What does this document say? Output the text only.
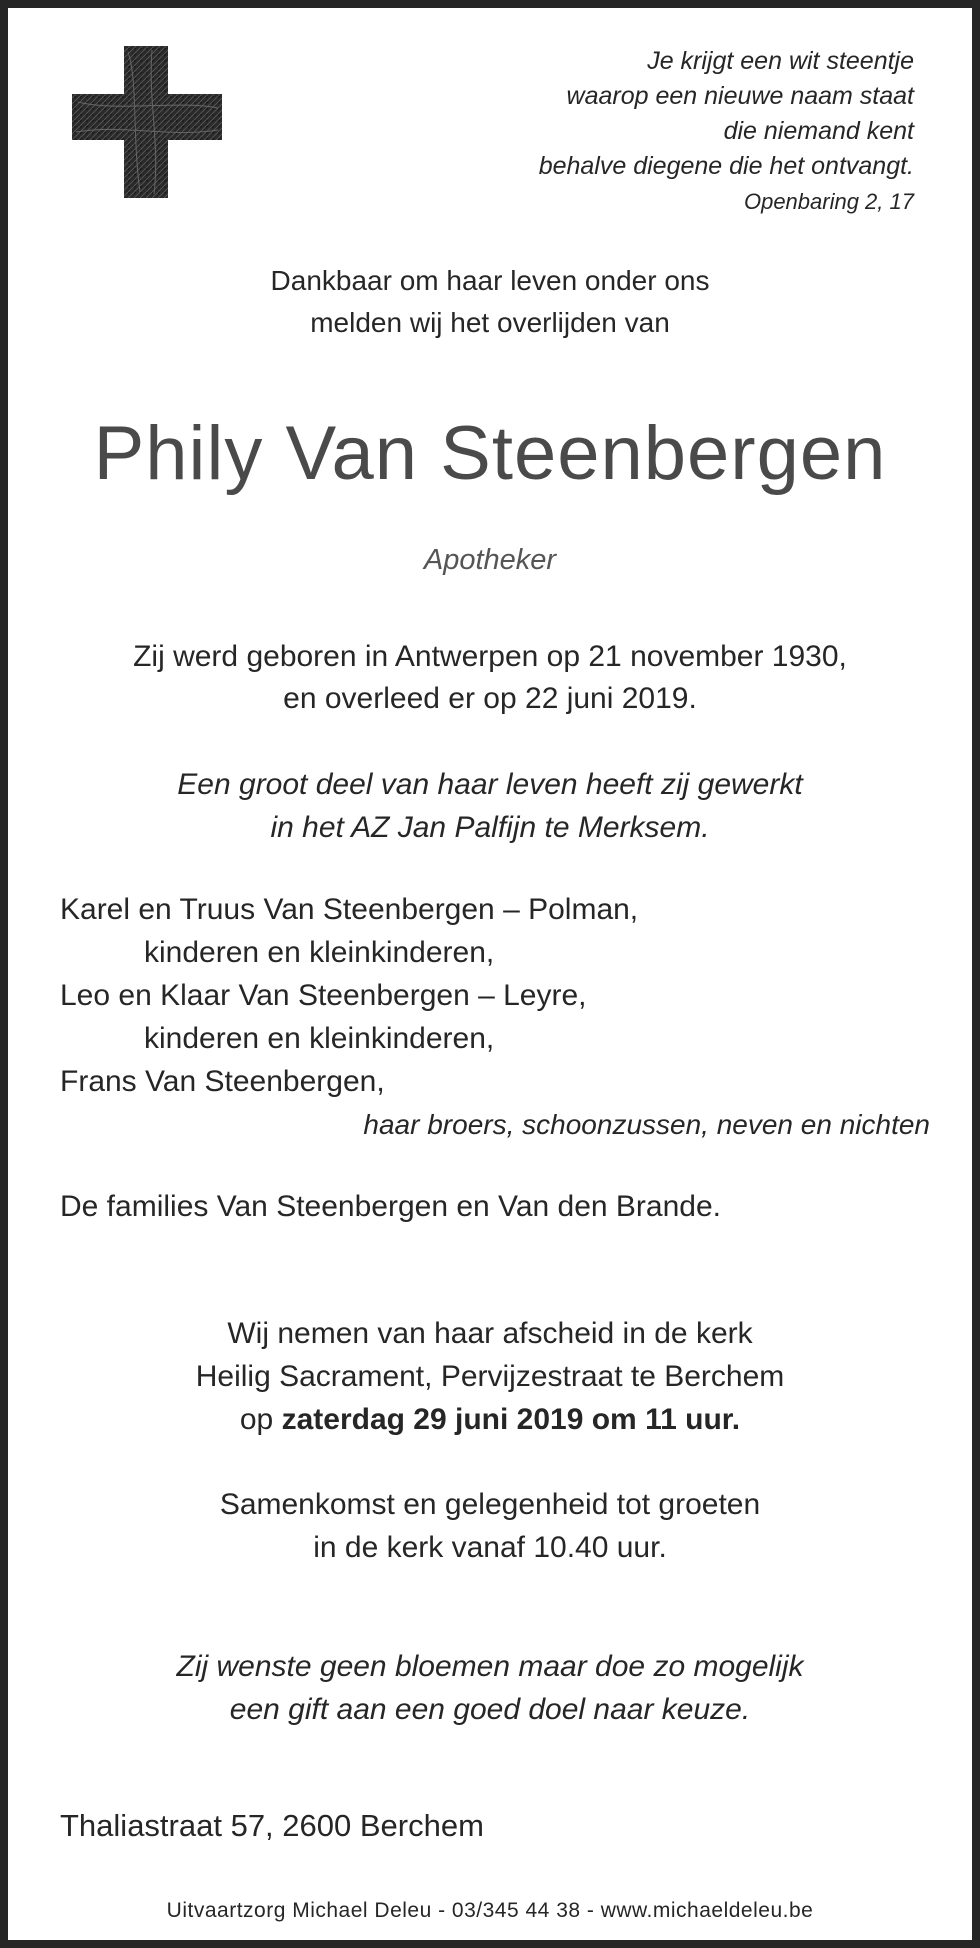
Je krijgt een wit steentje
waarop een nieuwe naam staat
die niemand kent
behalve diegene die het ontvangt.
Openbaring 2, 17
Dankbaar om haar leven onder ons
melden wij het overlijden van
Phily Van Steenbergen
Apotheker
Zij werd geboren in Antwerpen op 21 november 1930,
en overleed er op 22 juni 2019.
Een groot deel van haar leven heeft zij gewerkt
in het AZ Jan Palfijn te Merksem.
Karel en Truus Van Steenbergen – Polman,
kinderen en kleinkinderen,
Leo en Klaar Van Steenbergen – Leyre,
kinderen en kleinkinderen,
Frans Van Steenbergen,
haar broers, schoonzussen, neven en nichten
De families Van Steenbergen en Van den Brande.
Wij nemen van haar afscheid in de kerk
Heilig Sacrament, Pervijzestraat te Berchem
op zaterdag 29 juni 2019 om 11 uur.
Samenkomst en gelegenheid tot groeten
in de kerk vanaf 10.40 uur.
Zij wenste geen bloemen maar doe zo mogelijk
een gift aan een goed doel naar keuze.
Thaliastraat 57, 2600 Berchem
Uitvaartzorg Michael Deleu - 03/345 44 38 - www.michaeldeleu.be
